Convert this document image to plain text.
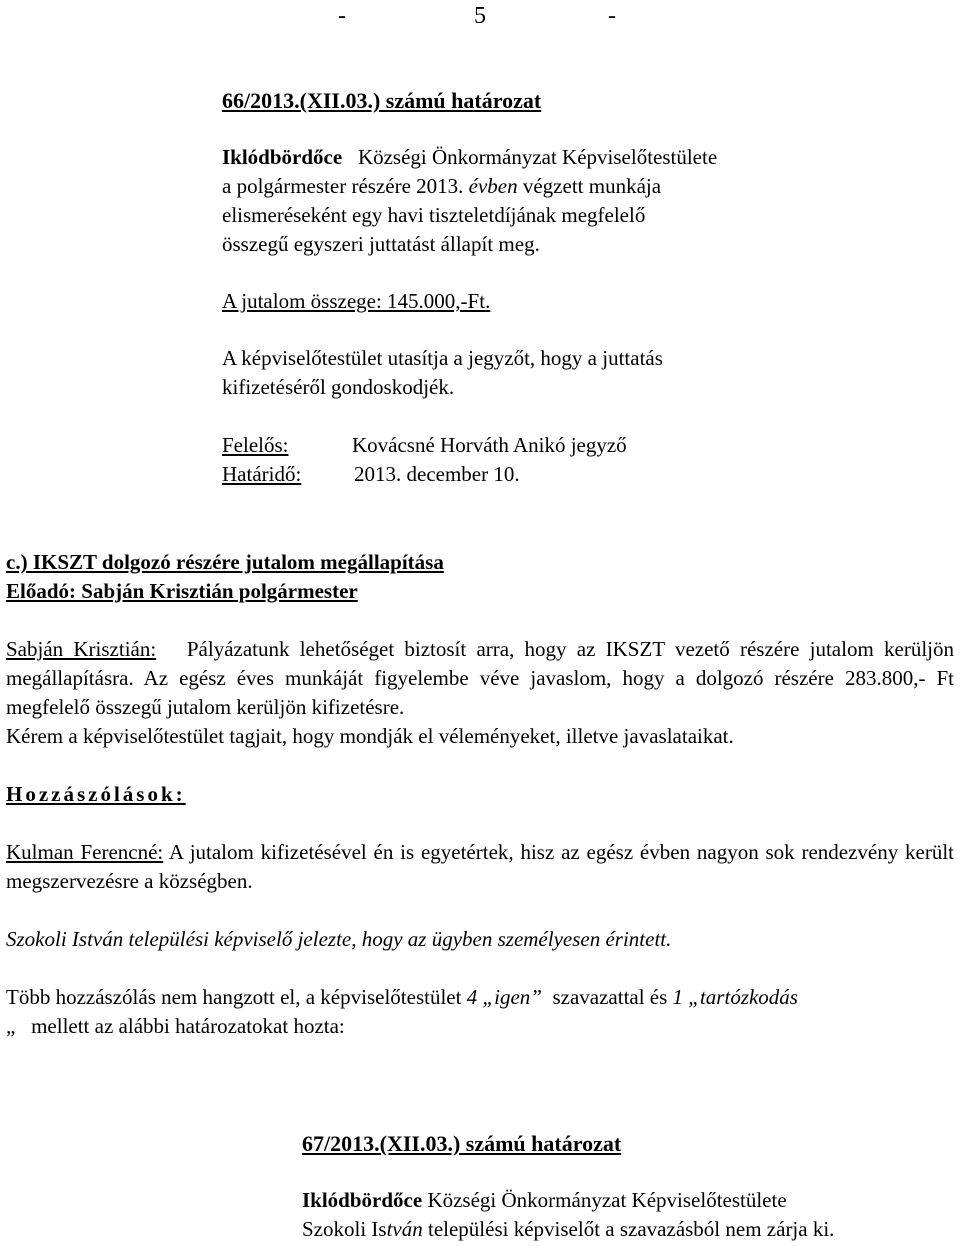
-	5	-
66/2013.(XII.03.) számú határozat

Iklódbördőce Községi Önkormányzat Képviselőtestülete

a polgármester részére 2013. évben végzett munkája

elismeréseként egy havi tiszteletdíjának megfelelő

összegű egyszeri juttatást állapít meg.

A jutalom összege: 145.000,-Ft.
A képviselőtestület utasítja a jegyzőt, hogy a juttatás kifizetéséről gondoskodjék.
Felelős:	Kovácsné Horváth Anikó jegyző
Határidő:	2013. december 10.

c.) IKSZT dolgozó részére jutalom megállapítása

Előadó: Sabján Krisztián polgármester

Sabján Krisztián: Pályázatunk lehetőséget biztosít arra, hogy az IKSZT vezető részére jutalom kerüljön megállapításra. Az egész éves munkáját figyelembe véve javaslom, hogy a dolgozó részére 283.800,- Ft megfelelő összegű jutalom kerüljön kifizetésre.
Kérem a képviselőtestület tagjait, hogy mondják el véleményeket, illetve javaslataikat.
Hozzászólások:
Kulman Ferencné: A jutalom kifizetésével én is egyetértek, hisz az egész évben nagyon sok rendezvény került megszervezésre a községben.
Szokoli István települési képviselő jelezte, hogy az ügyben személyesen érintett.

Több hozzászólás nem hangzott el, a képviselőtestület 4 „igen” szavazattal és 1 „tartózkodás

„ mellett az alábbi határozatokat hozta:

67/2013.(XII.03.) számú határozat

Iklódbördőce Községi Önkormányzat Képviselőtestülete

Szokoli István települési képviselőt a szavazásból nem zárja ki.
